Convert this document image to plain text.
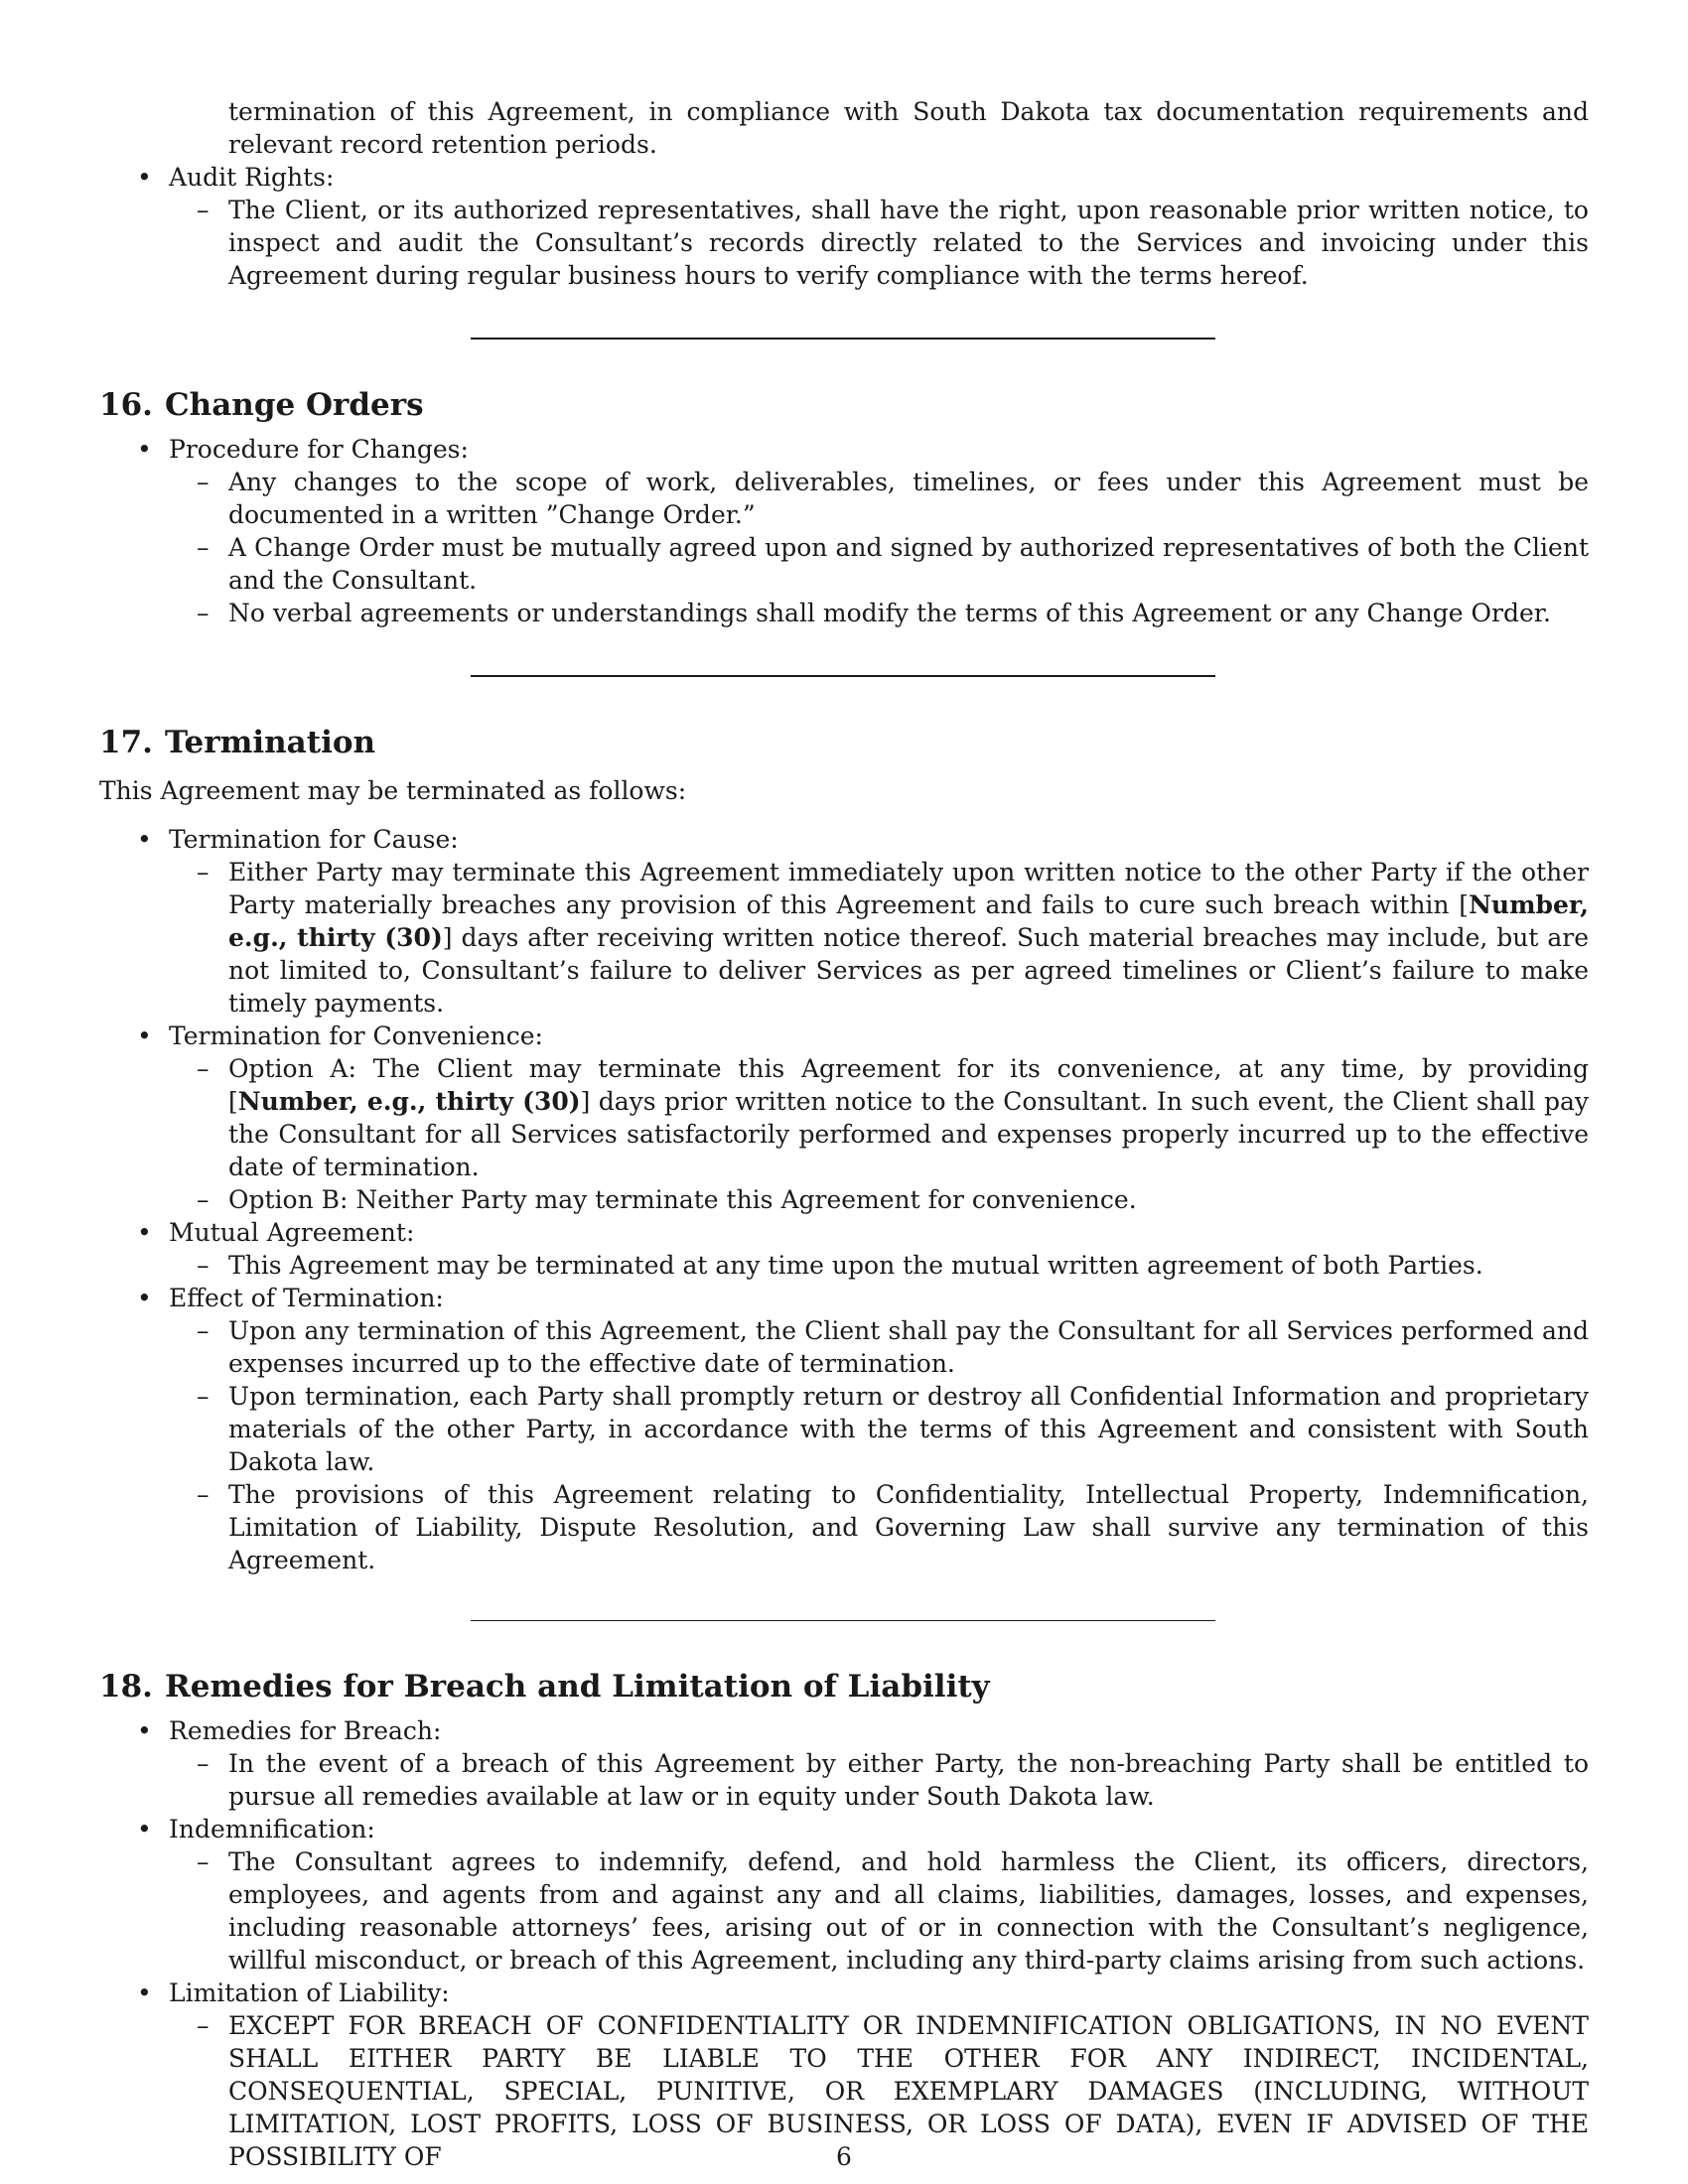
termination of this Agreement, in compliance with South Dakota tax documentation requirements and relevant record retention periods.
• Audit Rights:
– The Client, or its authorized representatives, shall have the right, upon reasonable prior written notice, to inspect and audit the Consultant’s records directly related to the Services and invoicing under this Agreement during regular business hours to verify compliance with the terms hereof.
16. Change Orders
• Procedure for Changes:
– Any changes to the scope of work, deliverables, timelines, or fees under this Agreement must be documented in a written ”Change Order.”
– A Change Order must be mutually agreed upon and signed by authorized representatives of both the Client and the Consultant.
– No verbal agreements or understandings shall modify the terms of this Agreement or any Change Order.
17. Termination
This Agreement may be terminated as follows:
• Termination for Cause:
– Either Party may terminate this Agreement immediately upon written notice to the other Party if the other Party materially breaches any provision of this Agreement and fails to cure such breach within [Number, e.g., thirty (30)] days after receiving written notice thereof. Such material breaches may include, but are not limited to, Consultant’s failure to deliver Services as per agreed timelines or Client’s failure to make timely payments.
• Termination for Convenience:
– Option A: The Client may terminate this Agreement for its convenience, at any time, by providing [Number, e.g., thirty (30)] days prior written notice to the Consultant. In such event, the Client shall pay the Consultant for all Services satisfactorily performed and expenses properly incurred up to the effective date of termination.
– Option B: Neither Party may terminate this Agreement for convenience.
• Mutual Agreement:
– This Agreement may be terminated at any time upon the mutual written agreement of both Parties.
• Effect of Termination:
– Upon any termination of this Agreement, the Client shall pay the Consultant for all Services performed and expenses incurred up to the effective date of termination.
– Upon termination, each Party shall promptly return or destroy all Confidential Information and proprietary materials of the other Party, in accordance with the terms of this Agreement and consistent with South Dakota law.
– The provisions of this Agreement relating to Confidentiality, Intellectual Property, Indemnification, Limitation of Liability, Dispute Resolution, and Governing Law shall survive any termination of this Agreement.
18. Remedies for Breach and Limitation of Liability
• Remedies for Breach:
– In the event of a breach of this Agreement by either Party, the non-breaching Party shall be entitled to pursue all remedies available at law or in equity under South Dakota law.
• Indemnification:
– The Consultant agrees to indemnify, defend, and hold harmless the Client, its officers, directors, employees, and agents from and against any and all claims, liabilities, damages, losses, and expenses, including reasonable attorneys’ fees, arising out of or in connection with the Consultant’s negligence, willful misconduct, or breach of this Agreement, including any third-party claims arising from such actions.
• Limitation of Liability:
– EXCEPT FOR BREACH OF CONFIDENTIALITY OR INDEMNIFICATION OBLIGATIONS, IN NO EVENT SHALL EITHER PARTY BE LIABLE TO THE OTHER FOR ANY INDIRECT, INCIDENTAL, CONSEQUENTIAL, SPECIAL, PUNITIVE, OR EXEMPLARY DAMAGES (INCLUDING, WITHOUT LIMITATION, LOST PROFITS, LOSS OF BUSINESS, OR LOSS OF DATA), EVEN IF ADVISED OF THE POSSIBILITY OF	6
